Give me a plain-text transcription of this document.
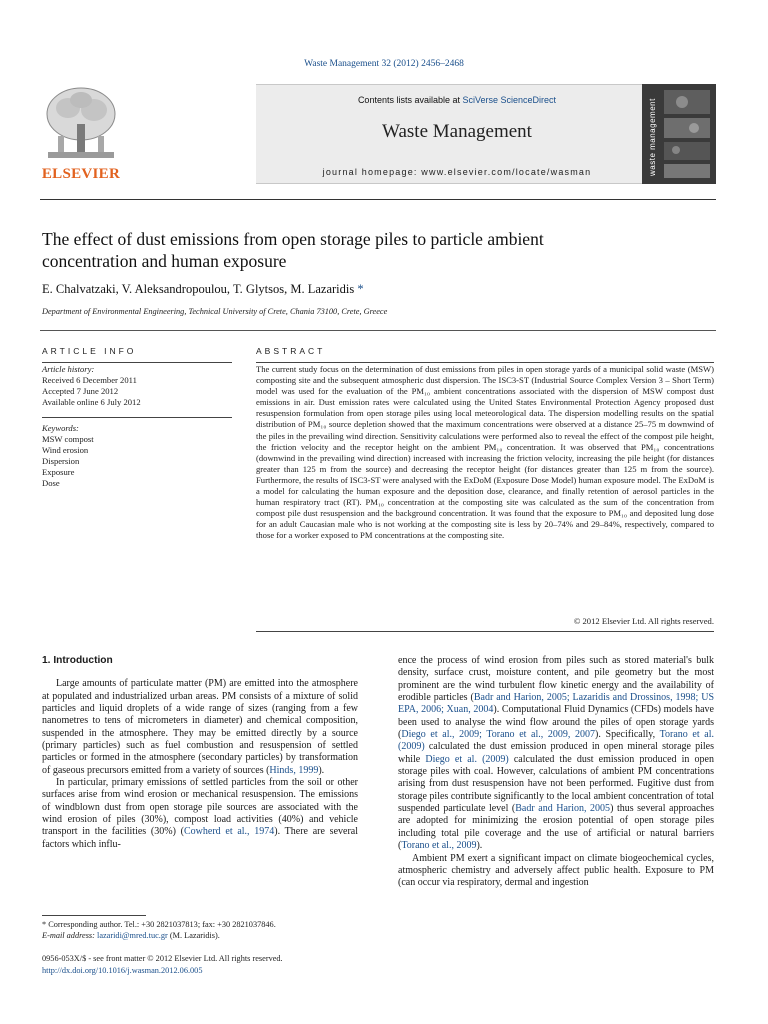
Waste Management 32 (2012) 2456–2468
ELSEVIER
Contents lists available at SciVerse ScienceDirect
Waste Management
journal homepage: www.elsevier.com/locate/wasman	waste management
The effect of dust emissions from open storage piles to particle ambient
concentration and human exposure
E. Chalvatzaki, V. Aleksandropoulou, T. Glytsos, M. Lazaridis *
Department of Environmental Engineering, Technical University of Crete, Chania 73100, Crete, Greece
ARTICLE INFO	ABSTRACT
Article history:
Received 6 December 2011
Accepted 7 June 2012
Available online 6 July 2012
Keywords:
MSW compost
Wind erosion
Dispersion
Exposure
Dose
The current study focus on the determination of dust emissions from piles in open storage yards of a municipal solid waste (MSW) composting site and the subsequent atmospheric dust dispersion. The ISC3-ST (Industrial Source Complex Version 3 – Short Term) model was used for the evaluation of the PM₁₀ ambient concentrations associated with the dispersion of MSW compost dust emissions in air. Dust emission rates were calculated using the United States Environmental Protection Agency proposed dust resuspension formulation from open storage piles using local meteorological data. The dispersion modelling results on the spatial distribution of PM₁₀ source depletion showed that the maximum concentrations were observed at a distance 25–75 m downwind of the piles in the prevailing wind direction. Sensitivity calculations were performed also to reveal the effect of the compost pile height, the friction velocity and the receptor height on the ambient PM₁₀ concentration. It was observed that PM₁₀ concentrations (downwind in the prevailing wind direction) increased with increasing the friction velocity, increasing the pile height (for distances greater than 125 m from the source) and decreasing the receptor height (for distances greater than 125 m from the source). Furthermore, the results of ISC3-ST were analysed with the ExDoM (Exposure Dose Model) human exposure model. The ExDoM is a model for calculating the human exposure and the deposition dose, clearance, and finally retention of aerosol particles in the human respiratory tract (RT). PM₁₀ concentration at the composting site was calculated as the sum of the concentration from compost pile dust resuspension and the background concentration. It was found that the exposure to PM₁₀ and deposited lung dose for an adult Caucasian male who is not working at the composting site is less by 20–74% and 29–84%, respectively, compared to those for a worker exposed to PM concentrations at the composting site.
© 2012 Elsevier Ltd. All rights reserved.
1. Introduction

Large amounts of particulate matter (PM) are emitted into the atmosphere at populated and industrialized urban areas. PM consists of a mixture of solid particles and liquid droplets of a wide range of sizes (ranging from a few nanometres to tens of micrometers in diameter) and chemical composition, suspended in the atmosphere. They may be emitted directly by a source (primary particles) such as fuel combustion and resuspension of settled particles or formed in the atmosphere (secondary particles) by transformation of gaseous precursors emitted from a variety of sources (Hinds, 1999).

In particular, primary emissions of settled particles from the soil or other surfaces arise from wind erosion or mechanical resuspension. The emissions of windblown dust from open storage pile sources are associated with the wind erosion of piles (30%), compost load activities (40%) and vehicle transport in the facilities (30%) (Cowherd et al., 1974). There are several factors which influ-

ence the process of wind erosion from piles such as stored material's bulk density, surface crust, moisture content, and pile geometry but the most prominent are the wind turbulent flow kinetic energy and the availability of erodible particles (Badr and Harion, 2005; Lazaridis and Drossinos, 1998; US EPA, 2006; Xuan, 2004). Computational Fluid Dynamics (CFDs) models have been used to analyse the wind flow around the piles of open storage yards (Diego et al., 2009; Torano et al., 2009, 2007). Specifically, Torano et al. (2009) calculated the dust emission produced in open mineral storage piles while Diego et al. (2009) calculated the dust emission produced in open storage piles with coal. However, calculations of ambient PM concentrations arising from dust resuspension have not been performed. Fugitive dust from storage piles contribute significantly to the local ambient concentration of total suspended particulate level (Badr and Harion, 2005) thus several approaches are adopted for minimizing the erosion potential of open storage piles including total pile coverage and the use of artificial or natural barriers (Torano et al., 2009).

Ambient PM exert a significant impact on climate biogeochemical cycles, atmospheric chemistry and adversely affect public health. Exposure to PM (can occur via respiratory, dermal and ingestion

* Corresponding author. Tel.: +30 2821037813; fax: +30 2821037846.
E-mail address: lazaridi@mred.tuc.gr (M. Lazaridis).
0956-053X/$ - see front matter © 2012 Elsevier Ltd. All rights reserved.
http://dx.doi.org/10.1016/j.wasman.2012.06.005
